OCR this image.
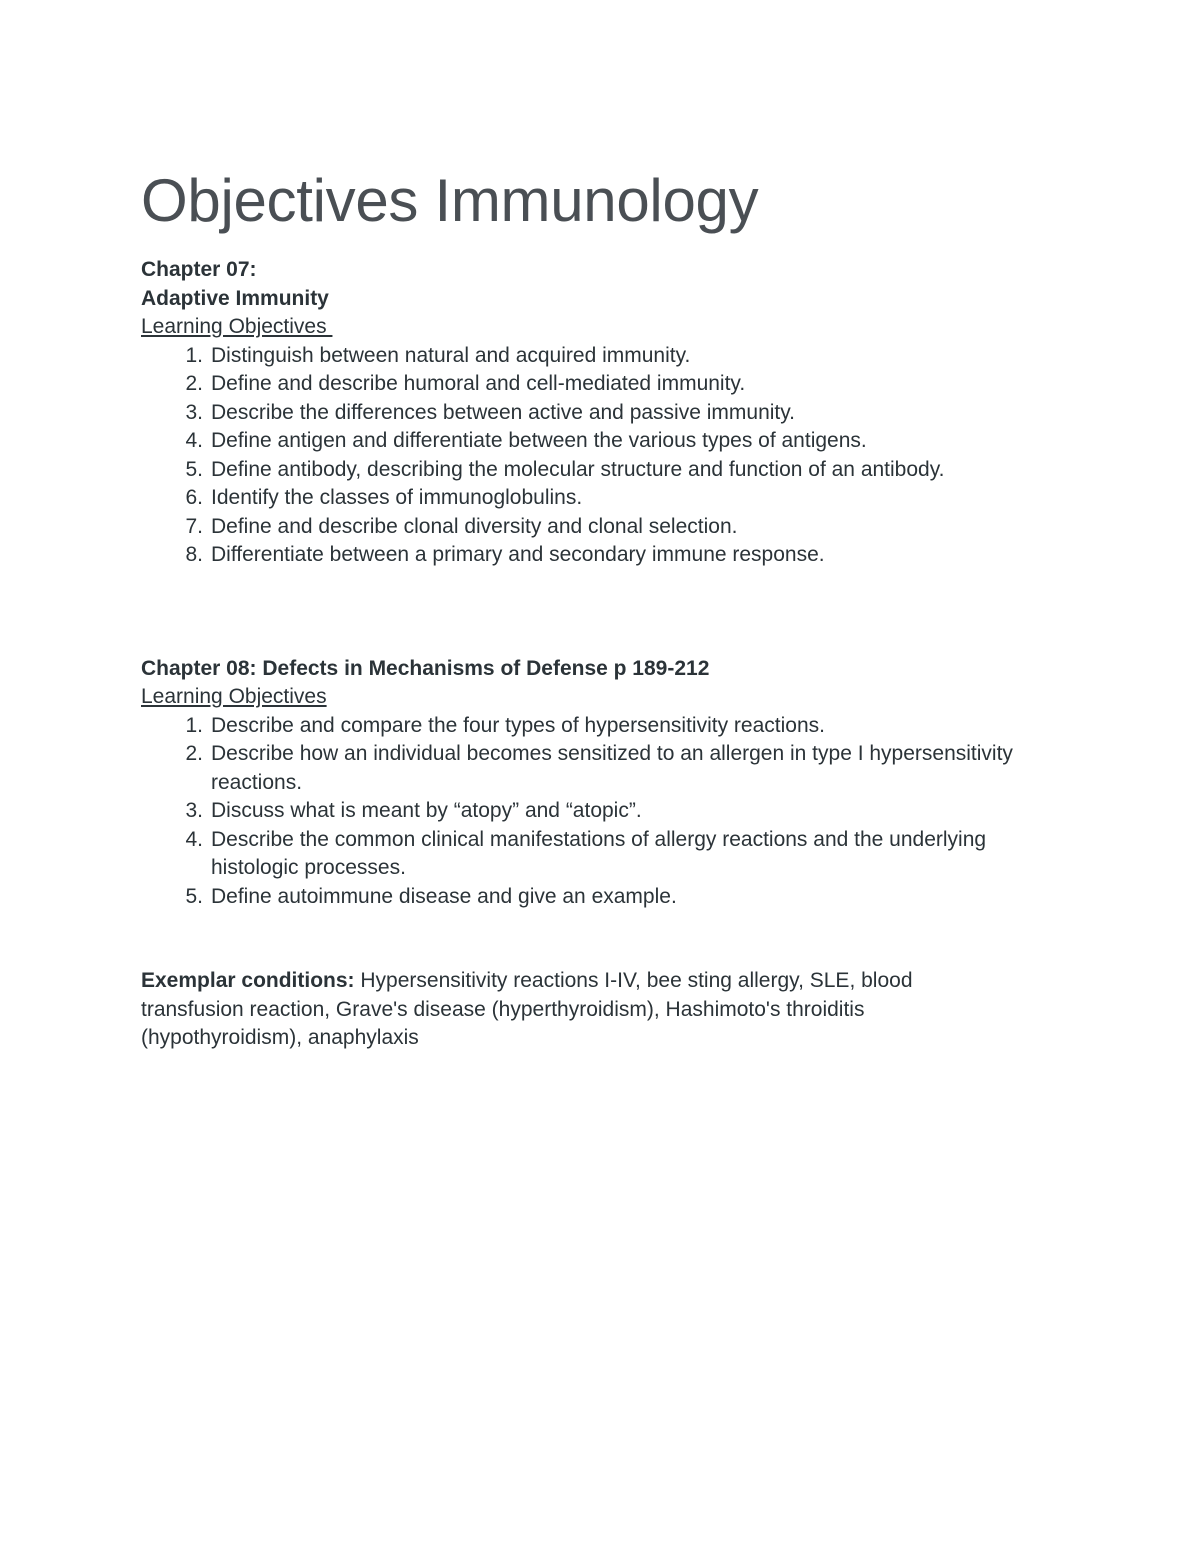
Objectives Immunology

Chapter 07:

Adaptive Immunity

Learning Objectives

1. Distinguish between natural and acquired immunity.
2. Define and describe humoral and cell-mediated immunity.
3. Describe the differences between active and passive immunity.
4. Define antigen and differentiate between the various types of antigens.
5. Define antibody, describing the molecular structure and function of an antibody.
6. Identify the classes of immunoglobulins.
7. Define and describe clonal diversity and clonal selection.
8. Differentiate between a primary and secondary immune response.

Chapter 08: Defects in Mechanisms of Defense p 189-212

Learning Objectives

1. Describe and compare the four types of hypersensitivity reactions.
2. Describe how an individual becomes sensitized to an allergen in type I hypersensitivity reactions.
3. Discuss what is meant by “atopy” and “atopic”.
4. Describe the common clinical manifestations of allergy reactions and the underlying histologic processes.
5. Define autoimmune disease and give an example.

Exemplar conditions: Hypersensitivity reactions I-IV, bee sting allergy, SLE, blood transfusion reaction, Grave's disease (hyperthyroidism), Hashimoto's throiditis (hypothyroidism), anaphylaxis
